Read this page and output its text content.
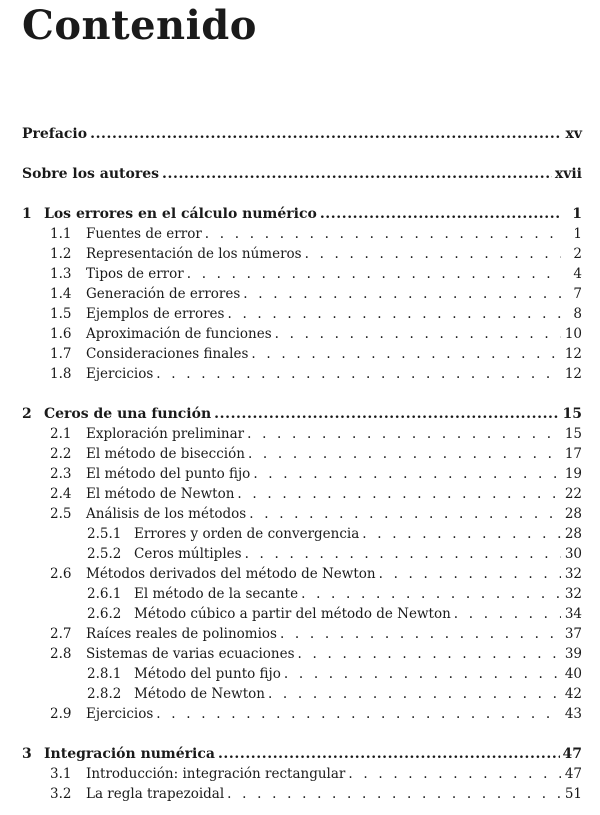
Contenido
Prefacio .....	xv
Sobre los autores .....	xvii
1 Los errores en el cálculo numérico .....	1
1.1	Fuentes de error . . .	1
1.2	Representación de los números . . .	2
1.3	Tipos de error . . .	4
1.4	Generación de errores . . .	7
1.5	Ejemplos de errores . . .	8
1.6	Aproximación de funciones . . .	10
1.7	Consideraciones finales . . .	12
1.8	Ejercicios . . .	12
2 Ceros de una función .....	15
2.1	Exploración preliminar . . .	15
2.2	El método de bisección . . .	17
2.3	El método del punto fijo . . .	19
2.4	El método de Newton . . .	22
2.5	Análisis de los métodos . . .	28
2.5.1 Errores y orden de convergencia . . .	28
2.5.2 Ceros múltiples . . .	30
2.6	Métodos derivados del método de Newton . . .	32
2.6.1 El método de la secante . . .	32
2.6.2 Método cúbico a partir del método de Newton . . .	34
2.7	Raíces reales de polinomios . . .	37
2.8	Sistemas de varias ecuaciones . . .	39
2.8.1 Método del punto fijo . . .	40
2.8.2 Método de Newton . . .	42
2.9	Ejercicios . . .	43
3 Integración numérica .....	47
3.1	Introducción: integración rectangular . . .	47
3.2	La regla trapezoidal . . .	51
